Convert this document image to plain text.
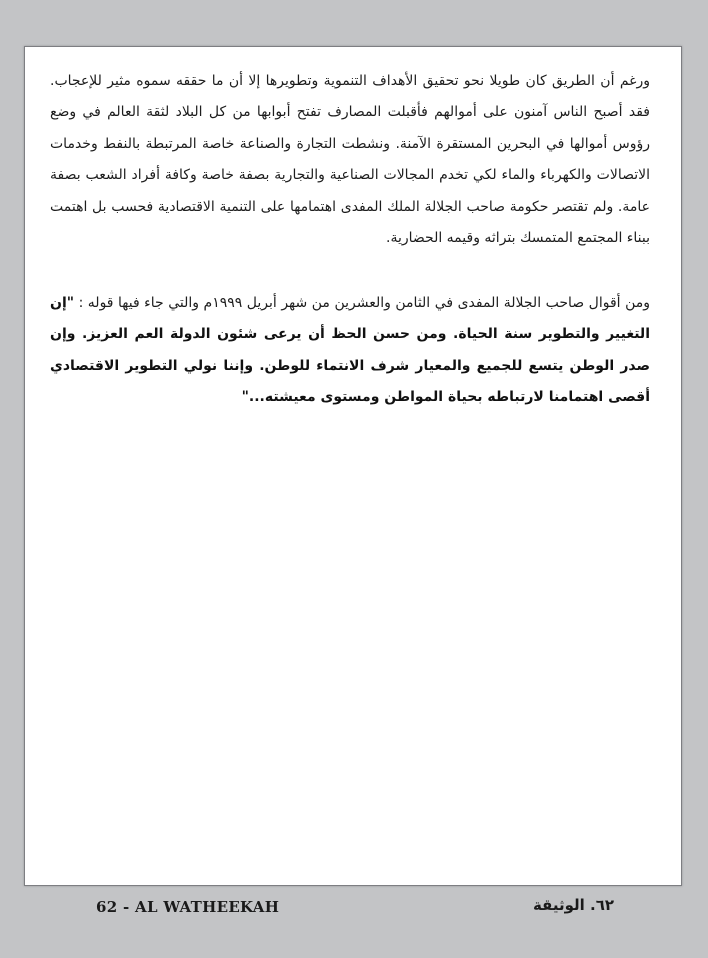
ورغم أن الطريق كان طويلا نحو تحقيق الأهداف التنموية وتطويرها إلا أن ما حققه سموه مثير للإعجاب. فقد أصبح الناس آمنون على أموالهم فأقبلت المصارف تفتح أبوابها من كل البلاد لثقة العالم في وضع رؤوس أموالها في البحرين المستقرة الآمنة. ونشطت التجارة والصناعة خاصة المرتبطة بالنفط وخدمات الاتصالات والكهرباء والماء لكي تخدم المجالات الصناعية والتجارية بصفة خاصة وكافة أفراد الشعب بصفة عامة. ولم تقتصر حكومة صاحب الجلالة الملك المفدى اهتمامها على التنمية الاقتصادية فحسب بل اهتمت ببناء المجتمع المتمسك بتراثه وقيمه الحضارية.

ومن أقوال صاحب الجلالة المفدى في الثامن والعشرين من شهر أبريل ١٩٩٩م والتي جاء فيها قوله : "إن التغيير والتطوير سنة الحياة. ومن حسن الحظ أن يرعى شئون الدولة العم العزيز. وإن صدر الوطن يتسع للجميع والمعيار شرف الانتماء للوطن. وإننا نولي التطوير الاقتصادي أقصى اهتمامنا لارتباطه بحياة المواطن ومستوى معيشته..."

62 - AL WATHEEKAH	٦٢. الوثيقة
